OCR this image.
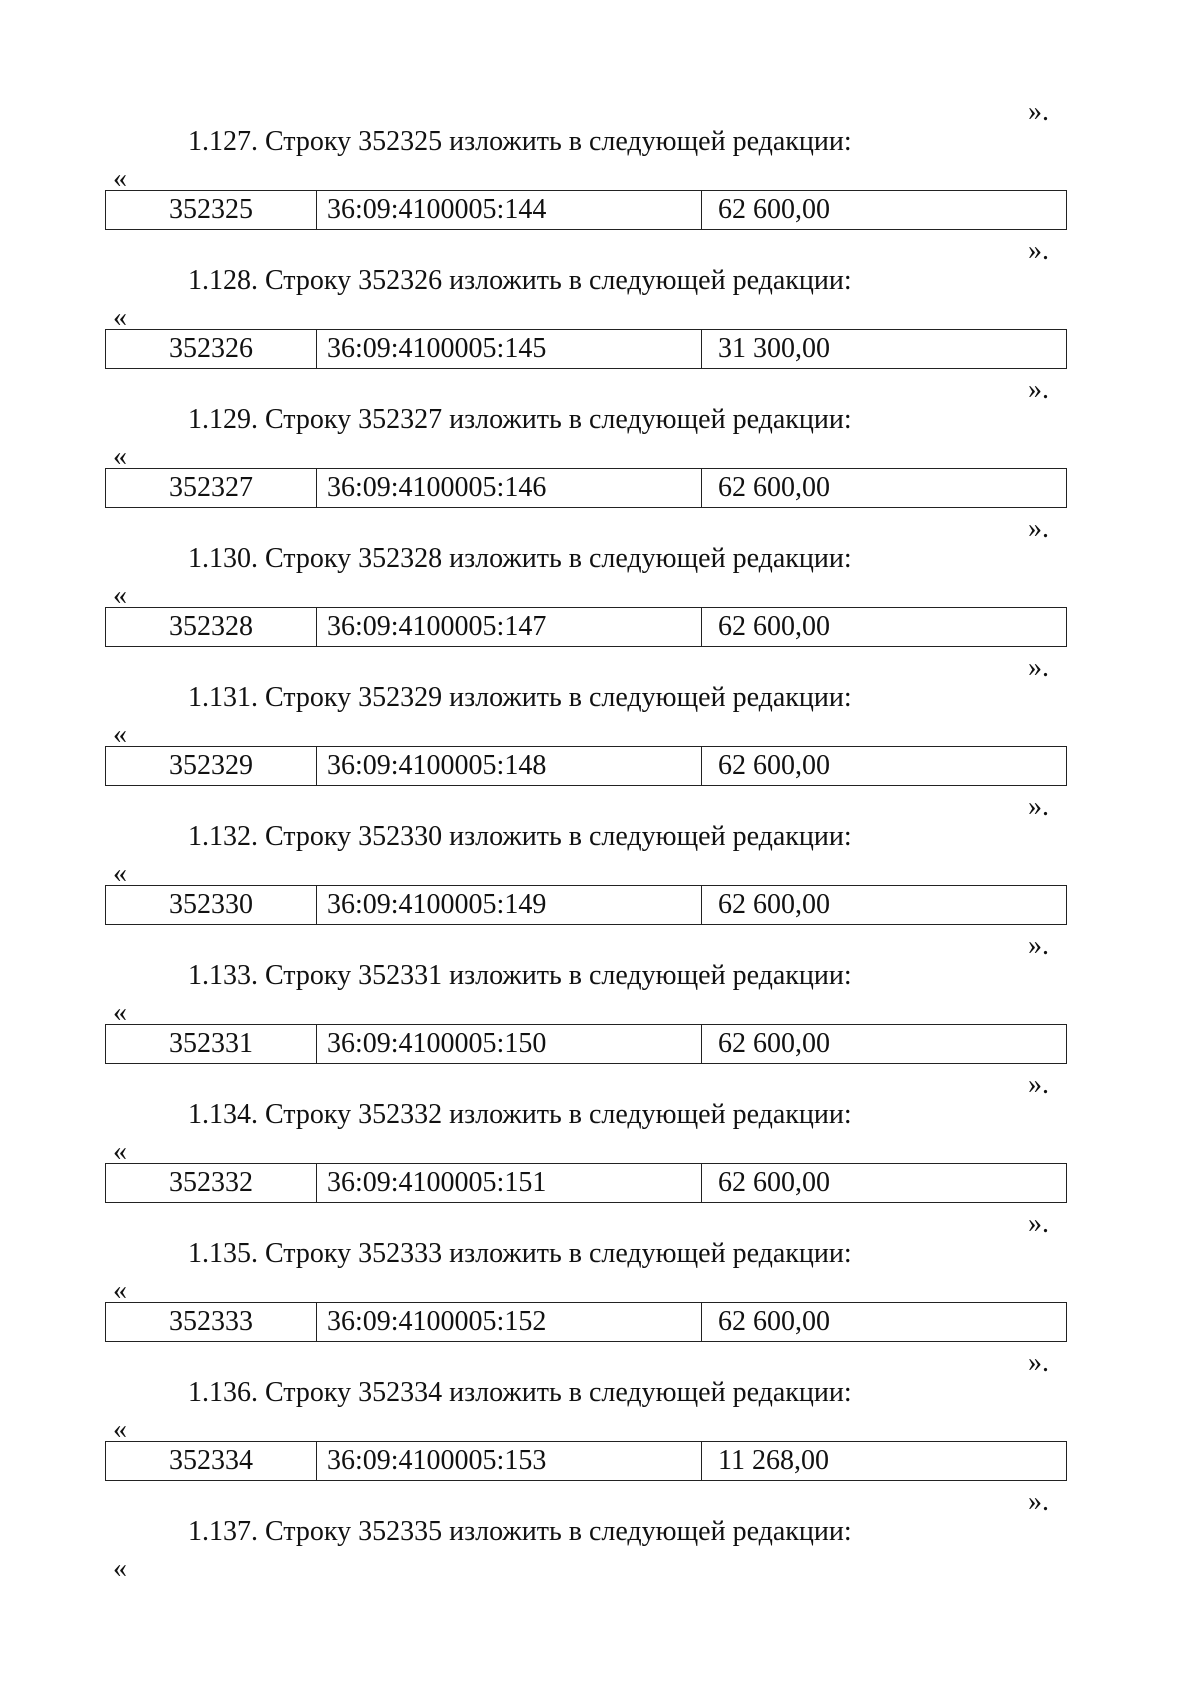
».
1.127. Строку 352325 изложить в следующей редакции:
«
352325	36:09:4100005:144	62 600,00
».
1.128. Строку 352326 изложить в следующей редакции:
«
352326	36:09:4100005:145	31 300,00
».
1.129. Строку 352327 изложить в следующей редакции:
«
352327	36:09:4100005:146	62 600,00
».
1.130. Строку 352328 изложить в следующей редакции:
«
352328	36:09:4100005:147	62 600,00
».
1.131. Строку 352329 изложить в следующей редакции:
«
352329	36:09:4100005:148	62 600,00
».
1.132. Строку 352330 изложить в следующей редакции:
«
352330	36:09:4100005:149	62 600,00
».
1.133. Строку 352331 изложить в следующей редакции:
«
352331	36:09:4100005:150	62 600,00
».
1.134. Строку 352332 изложить в следующей редакции:
«
352332	36:09:4100005:151	62 600,00
».
1.135. Строку 352333 изложить в следующей редакции:
«
352333	36:09:4100005:152	62 600,00
».
1.136. Строку 352334 изложить в следующей редакции:
«
352334	36:09:4100005:153	11 268,00
».
1.137. Строку 352335 изложить в следующей редакции:
«
